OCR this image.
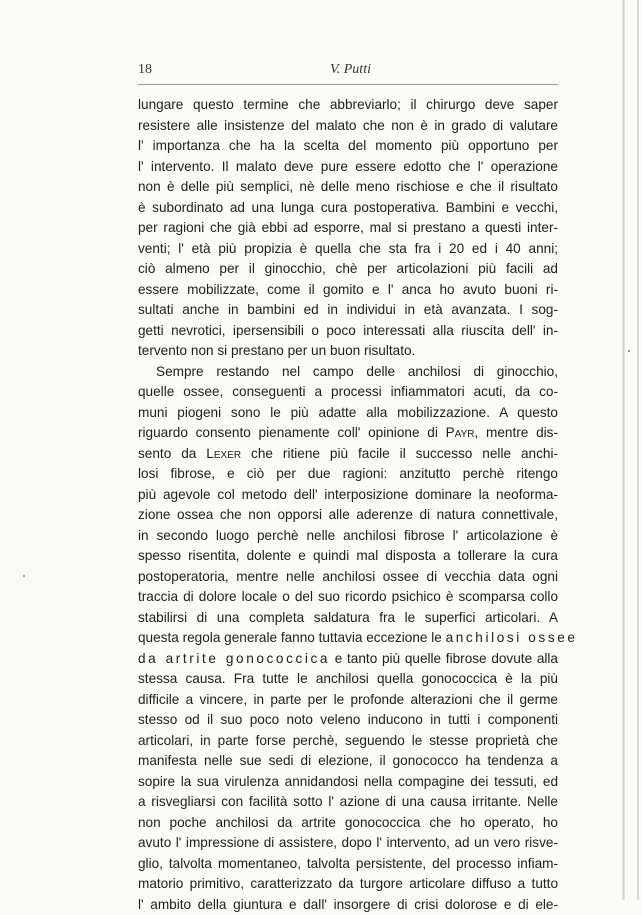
18	V. Putti
lungare questo termine che abbreviarlo; il chirurgo deve saper
resistere alle insistenze del malato che non è in grado di valutare
l' importanza che ha la scelta del momento più opportuno per
l' intervento. Il malato deve pure essere edotto che l' operazione
non è delle più semplici, nè delle meno rischiose e che il risultato
è subordinato ad una lunga cura postoperativa. Bambini e vecchi,
per ragioni che già ebbi ad esporre, mal si prestano a questi inter-
venti; l' età più propizia è quella che sta fra i 20 ed i 40 anni;
ciò almeno per il ginocchio, chè per articolazioni più facili ad
essere mobilizzate, come il gomito e l' anca ho avuto buoni ri-
sultati anche in bambini ed in individui in età avanzata. I sog-
getti nevrotici, ipersensibili o poco interessati alla riuscita dell' in-
tervento non si prestano per un buon risultato.
Sempre restando nel campo delle anchilosi di ginocchio,
quelle ossee, conseguenti a processi infiammatori acuti, da co-
muni piogeni sono le più adatte alla mobilizzazione. A questo
riguardo consento pienamente coll' opinione di Payr, mentre dis-
sento da Lexer che ritiene più facile il successo nelle anchi-
losi fibrose, e ciò per due ragioni: anzitutto perchè ritengo
più agevole col metodo dell' interposizione dominare la neoforma-
zione ossea che non opporsi alle aderenze di natura connettivale,
in secondo luogo perchè nelle anchilosi fibrose l' articolazione è
spesso risentita, dolente e quindi mal disposta a tollerare la cura
postoperatoria, mentre nelle anchilosi ossee di vecchia data ogni
traccia di dolore locale o del suo ricordo psichico è scomparsa collo
stabilirsi di una completa saldatura fra le superfici articolari. A
questa regola generale fanno tuttavia eccezione le anchilosi ossee
da artrite gonococcica e tanto più quelle fibrose dovute alla
stessa causa. Fra tutte le anchilosi quella gonococcica è la più
difficile a vincere, in parte per le profonde alterazioni che il germe
stesso od il suo poco noto veleno inducono in tutti i componenti
articolari, in parte forse perchè, seguendo le stesse proprietà che
manifesta nelle sue sedi di elezione, il gonococco ha tendenza a
sopire la sua virulenza annidandosi nella compagine dei tessuti, ed
a risvegliarsi con facilità sotto l' azione di una causa irritante. Nelle
non poche anchilosi da artrite gonococcica che ho operato, ho
avuto l' impressione di assistere, dopo l' intervento, ad un vero risve-
glio, talvolta momentaneo, talvolta persistente, del processo infiam-
matorio primitivo, caratterizzato da turgore articolare diffuso a tutto
l' ambito della giuntura e dall' insorgere di crisi dolorose e di ele-
